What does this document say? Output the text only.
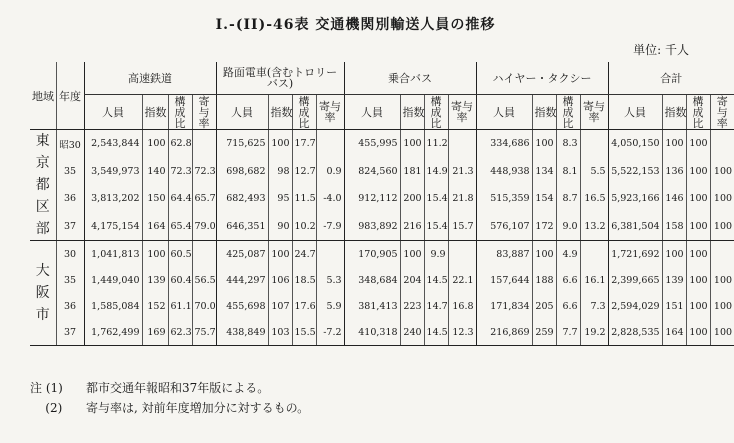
I.-(II)-46表 交通機関別輸送人員の推移
単位: 千人
地域	年度	高速鉄道				路面電車(含むトロリーバス)				乗合バス				ハイヤー・タクシー				合計			
		人員	指数	構成比	寄与率	人員	指数	構成比	寄与率	人員	指数	構成比	寄与率	人員	指数	構成比	寄与率	人員	指数	構成比	寄与率

東
京
都
区
部	昭30	2,543,844	100	62.8		715,625	100	17.7		455,995	100	11.2		334,686	100	8.3		4,050,150	100	100	
	35	3,549,973	140	72.3	72.3	698,682	98	12.7	0.9	824,560	181	14.9	21.3	448,938	134	8.1	5.5	5,522,153	136	100	100
	36	3,813,202	150	64.4	65.7	682,493	95	11.5	-4.0	912,112	200	15.4	21.8	515,359	154	8.7	16.5	5,923,166	146	100	100
	37	4,175,154	164	65.4	79.0	646,351	90	10.2	-7.9	983,892	216	15.4	15.7	576,107	172	9.0	13.2	6,381,504	158	100	100

大
阪
市	30	1,041,813	100	60.5		425,087	100	24.7		170,905	100	9.9		83,887	100	4.9		1,721,692	100	100	
	35	1,449,040	139	60.4	56.5	444,297	106	18.5	5.3	348,684	204	14.5	22.1	157,644	188	6.6	16.1	2,399,665	139	100	100
	36	1,585,084	152	61.1	70.0	455,698	107	17.6	5.9	381,413	223	14.7	16.8	171,834	205	6.6	7.3	2,594,029	151	100	100
	37	1,762,499	169	62.3	75.7	438,849	103	15.5	-7.2	410,318	240	14.5	12.3	216,869	259	7.7	19.2	2,828,535	164	100	100
注 (1)	都市交通年報昭和37年版による。
(2)	寄与率は, 対前年度増加分に対するもの。
